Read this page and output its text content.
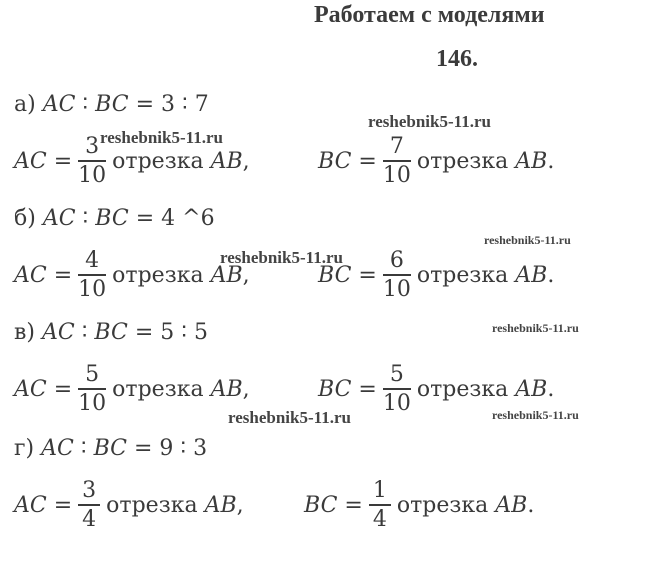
Работаем с моделями
146.
а) AC ∶ BC = 3 ∶ 7
AC = $\frac{3}{10}$ отрезка
AB ,	BC = $\frac{7}{10}$ отрезка
AB .
б) AC ∶ BC = 4 ^6
AC = $\frac{4}{10}$ отрезка
AB ,	BC = $\frac{6}{10}$ отрезка
AB .
в) AC ∶ BC = 5 ∶ 5
AC = $\frac{5}{10}$ отрезка
AB ,	BC = $\frac{5}{10}$ отрезка
AB .
г) AC ∶ BC = 9 ∶ 3
AC = $\frac{3}{4}$ отрезка
AB ,	BC = $\frac{1}{4}$ отрезка
AB .
reshebnik5-11.ru
reshebnik5-11.ru
reshebnik5-11.ru
reshebnik5-11.ru
reshebnik5-11.ru
reshebnik5-11.ru	reshebnik5-11.ru
